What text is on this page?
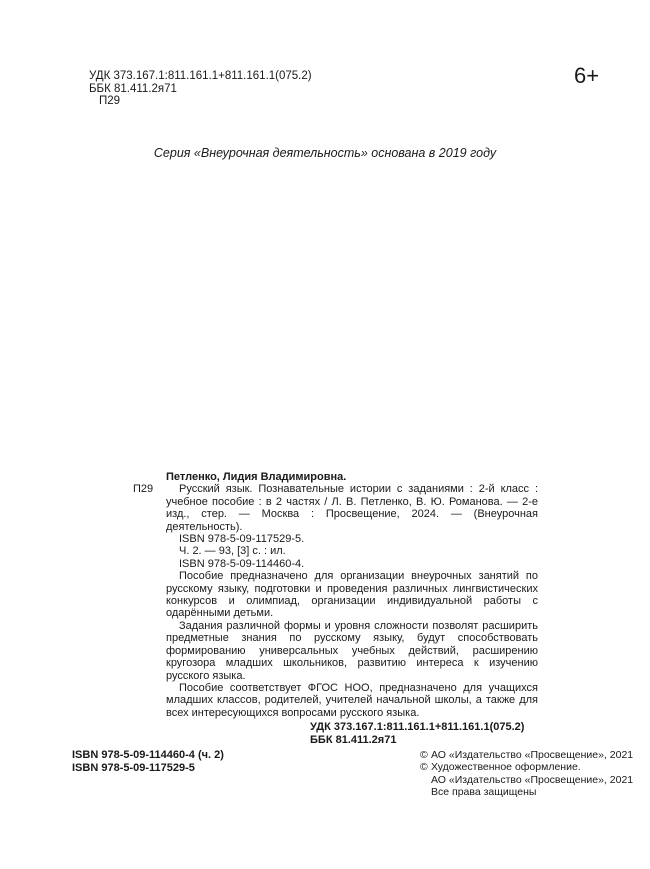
УДК 373.167.1:811.161.1+811.161.1(075.2)
ББК 81.411.2я71
П29
6+
Серия «Внеурочная деятельность» основана в 2019 году
П29

Петленко, Лидия Владимировна.

Русский язык. Познавательные истории с заданиями : 2-й класс : учебное пособие : в 2 частях / Л. В. Петленко, В. Ю. Романова. — 2-е изд., стер. — Москва : Просвещение, 2024. — (Внеурочная деятельность).

ISBN 978-5-09-117529-5.

Ч. 2. — 93, [3] с. : ил.

ISBN 978-5-09-114460-4.

Пособие предназначено для организации внеурочных занятий по русскому языку, подготовки и проведения различных лингвистических конкурсов и олимпиад, организации индивидуальной работы с одарёнными детьми.

Задания различной формы и уровня сложности позволят расширить предметные знания по русскому языку, будут способствовать формированию универсальных учебных действий, расширению кругозора младших школьников, развитию интереса к изучению русского языка.

Пособие соответствует ФГОС НОО, предназначено для учащихся младших классов, родителей, учителей начальной школы, а также для всех интересующихся вопросами русского языка.

УДК 373.167.1:811.161.1+811.161.1(075.2)

ББК 81.411.2я71

ISBN 978-5-09-114460-4 (ч. 2)
ISBN 978-5-09-117529-5
© АО «Издательство «Просвещение», 2021
© Художественное оформление.
АО «Издательство «Просвещение», 2021
Все права защищены
